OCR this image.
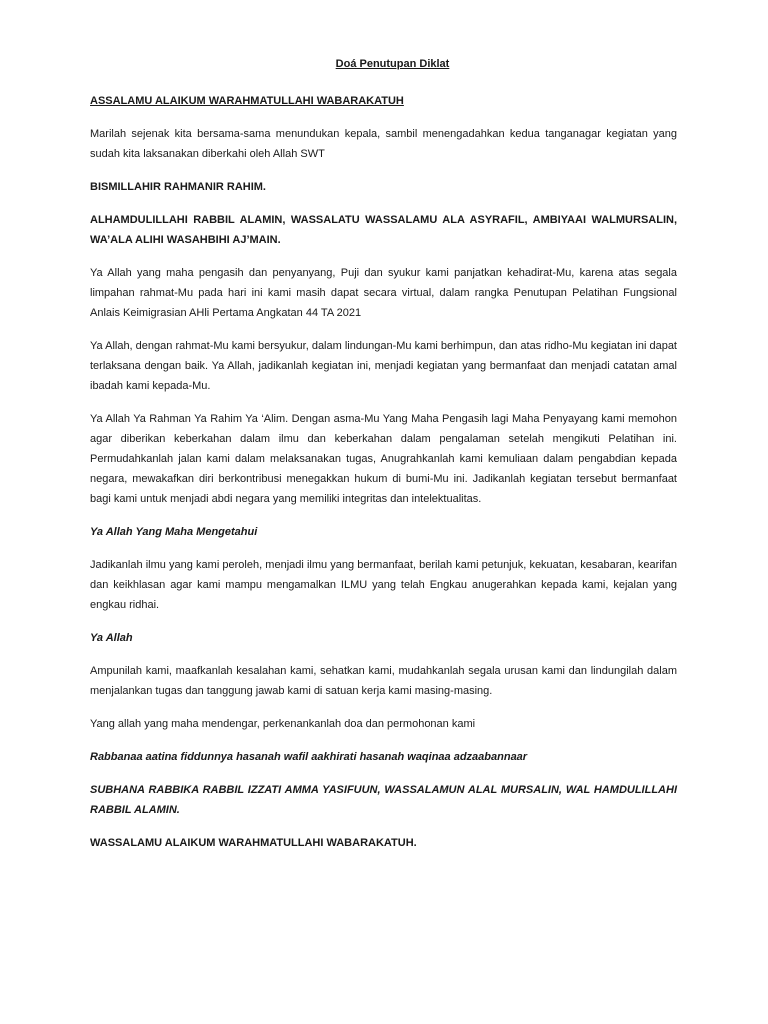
Doá Penutupan Diklat

ASSALAMU ALAIKUM WARAHMATULLAHI WABARAKATUH

Marilah sejenak kita bersama-sama menundukan kepala, sambil menengadahkan kedua tanganagar kegiatan yang sudah kita laksanakan diberkahi oleh Allah SWT

BISMILLAHIR RAHMANIR RAHIM.

ALHAMDULILLAHI RABBIL ALAMIN, WASSALATU WASSALAMU ALA ASYRAFIL, AMBIYAAI WALMURSALIN, WA’ALA ALIHI WASAHBIHI AJ’MAIN.

Ya Allah yang maha pengasih dan penyanyang, Puji dan syukur kami panjatkan kehadirat-Mu, karena atas segala limpahan rahmat-Mu pada hari ini kami masih dapat secara virtual, dalam rangka Penutupan Pelatihan Fungsional Anlais Keimigrasian AHli Pertama Angkatan 44 TA 2021

Ya Allah, dengan rahmat-Mu kami bersyukur, dalam lindungan-Mu kami berhimpun, dan atas ridho-Mu kegiatan ini dapat terlaksana dengan baik. Ya Allah, jadikanlah kegiatan ini, menjadi kegiatan yang bermanfaat dan menjadi catatan amal ibadah kami kepada-Mu.

Ya Allah Ya Rahman Ya Rahim Ya ‘Alim. Dengan asma-Mu Yang Maha Pengasih lagi Maha Penyayang kami memohon agar diberikan keberkahan dalam ilmu dan keberkahan dalam pengalaman setelah mengikuti Pelatihan ini. Permudahkanlah jalan kami dalam melaksanakan tugas, Anugrahkanlah kami kemuliaan dalam pengabdian kepada negara, mewakafkan diri berkontribusi menegakkan hukum di bumi-Mu ini. Jadikanlah kegiatan tersebut bermanfaat bagi kami untuk menjadi abdi negara yang memiliki integritas dan intelektualitas.

Ya Allah Yang Maha Mengetahui

Jadikanlah ilmu yang kami peroleh, menjadi ilmu yang bermanfaat, berilah kami petunjuk, kekuatan, kesabaran, kearifan dan keikhlasan agar kami mampu mengamalkan ILMU yang telah Engkau anugerahkan kepada kami, kejalan yang engkau ridhai.

Ya Allah

Ampunilah kami, maafkanlah kesalahan kami, sehatkan kami, mudahkanlah segala urusan kami dan lindungilah dalam menjalankan tugas dan tanggung jawab kami di satuan kerja kami masing-masing.

Yang allah yang maha mendengar, perkenankanlah doa dan permohonan kami

Rabbanaa aatina fiddunnya hasanah wafil aakhirati hasanah waqinaa adzaabannaar

SUBHANA RABBIKA RABBIL IZZATI AMMA YASIFUUN, WASSALAMUN ALAL MURSALIN, WAL HAMDULILLAHI RABBIL ALAMIN.

WASSALAMU ALAIKUM WARAHMATULLAHI WABARAKATUH.
